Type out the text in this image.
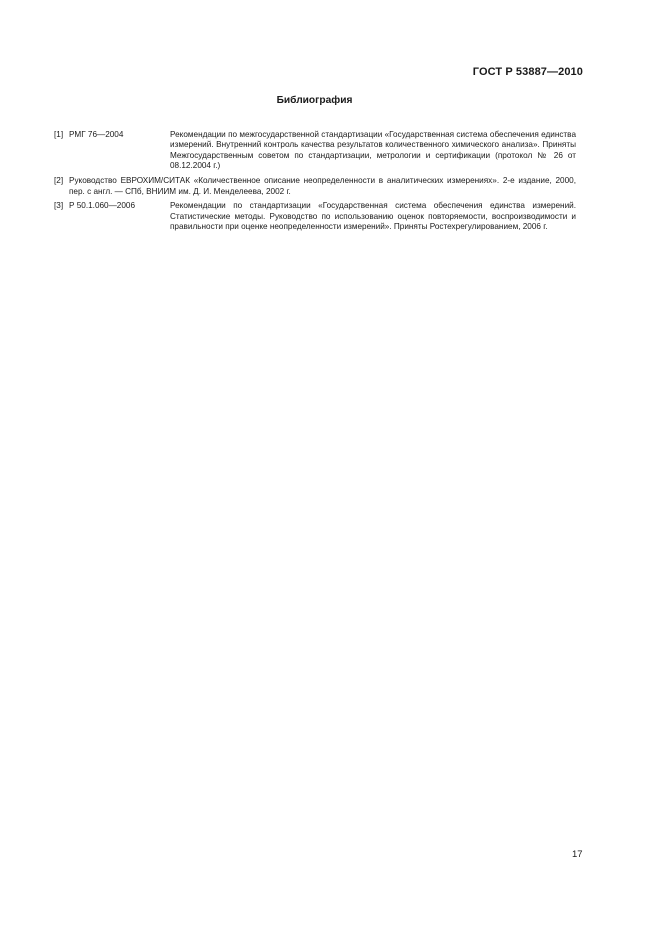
ГОСТ Р 53887—2010
Библиография
[1] РМГ 76—2004	Рекомендации по межгосударственной стандартизации «Государственная система обеспечения единства измерений. Внутренний контроль качества результатов количественного химического анализа». Приняты Межгосударственным советом по стандартизации, метрологии и сертификации (протокол № 26 от 08.12.2004 г.)
[2] Руководство ЕВРОХИМ/СИТАК «Количественное описание неопределенности в аналитических измерениях». 2-е издание, 2000, пер. с англ. — СПб, ВНИИМ им. Д. И. Менделеева, 2002 г.
[3] Р 50.1.060—2006	Рекомендации по стандартизации «Государственная система обеспечения единства измерений. Статистические методы. Руководство по использованию оценок повторяемости, воспроизводимости и правильности при оценке неопределенности измерений». Приняты Ростехрегулированием, 2006 г.
17
